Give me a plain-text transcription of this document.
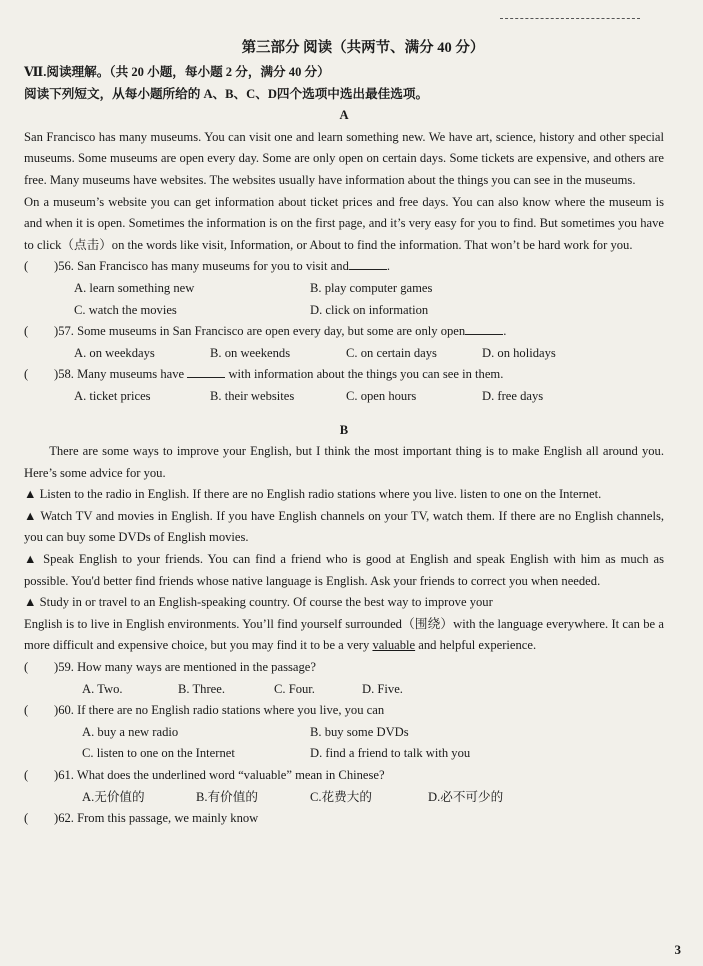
第三部分 阅读（共两节、满分 40 分）
Ⅶ.阅读理解。（共 20 小题，每小题 2 分，满分 40 分）
阅读下列短文，从每小题所给的 A、B、C、D四个选项中选出最佳选项。
A
San Francisco has many museums. You can visit one and learn something new. We have art, science, history and other special museums. Some museums are open every day. Some are only open on certain days. Some tickets are expensive, and others are free. Many museums have websites. The websites usually have information about the things you can see in the museums.
On a museum’s website you can get information about ticket prices and free days. You can also know where the museum is and when it is open. Sometimes the information is on the first page, and it’s very easy for you to find. But sometimes you have to click（点击）on the words like visit, Information, or About to find the information. That won’t be hard work for you.
( )56. San Francisco has many museums for you to visit and	.
A. learn something new	B. play computer games
C. watch the movies	D. click on information
( )57. Some museums in San Francisco are open every day, but some are only open	.
A. on weekdays	B. on weekends	C. on certain days	D. on holidays
( )58. Many museums have	with information about the things you can see in them.
A. ticket prices	B. their websites	C. open hours	D. free days
B
There are some ways to improve your English, but I think the most important thing is to make English all around you. Here’s some advice for you.
▲ Listen to the radio in English. If there are no English radio stations where you live. listen to one on the Internet.
▲ Watch TV and movies in English. If you have English channels on your TV, watch them. If there are no English channels, you can buy some DVDs of English movies.
▲ Speak English to your friends. You can find a friend who is good at English and speak English with him as much as possible. You'd better find friends whose native language is English. Ask your friends to correct you when needed.
▲ Study in or travel to an English-speaking country. Of course the best way to improve your
English is to live in English environments. You’ll find yourself surrounded（围绕）with the language everywhere. It can be a more difficult and expensive choice, but you may find it to be a very valuable and helpful experience.
( )59. How many ways are mentioned in the passage?
A. Two.	B. Three.	C. Four.	D. Five.
( )60. If there are no English radio stations where you live, you can
A. buy a new radio	B. buy some DVDs
C. listen to one on the Internet	D. find a friend to talk with you
( )61. What does the underlined word “valuable” mean in Chinese?
A.无价值的	B.有价值的	C.花费大的	D.必不可少的
( )62. From this passage, we mainly know
3
